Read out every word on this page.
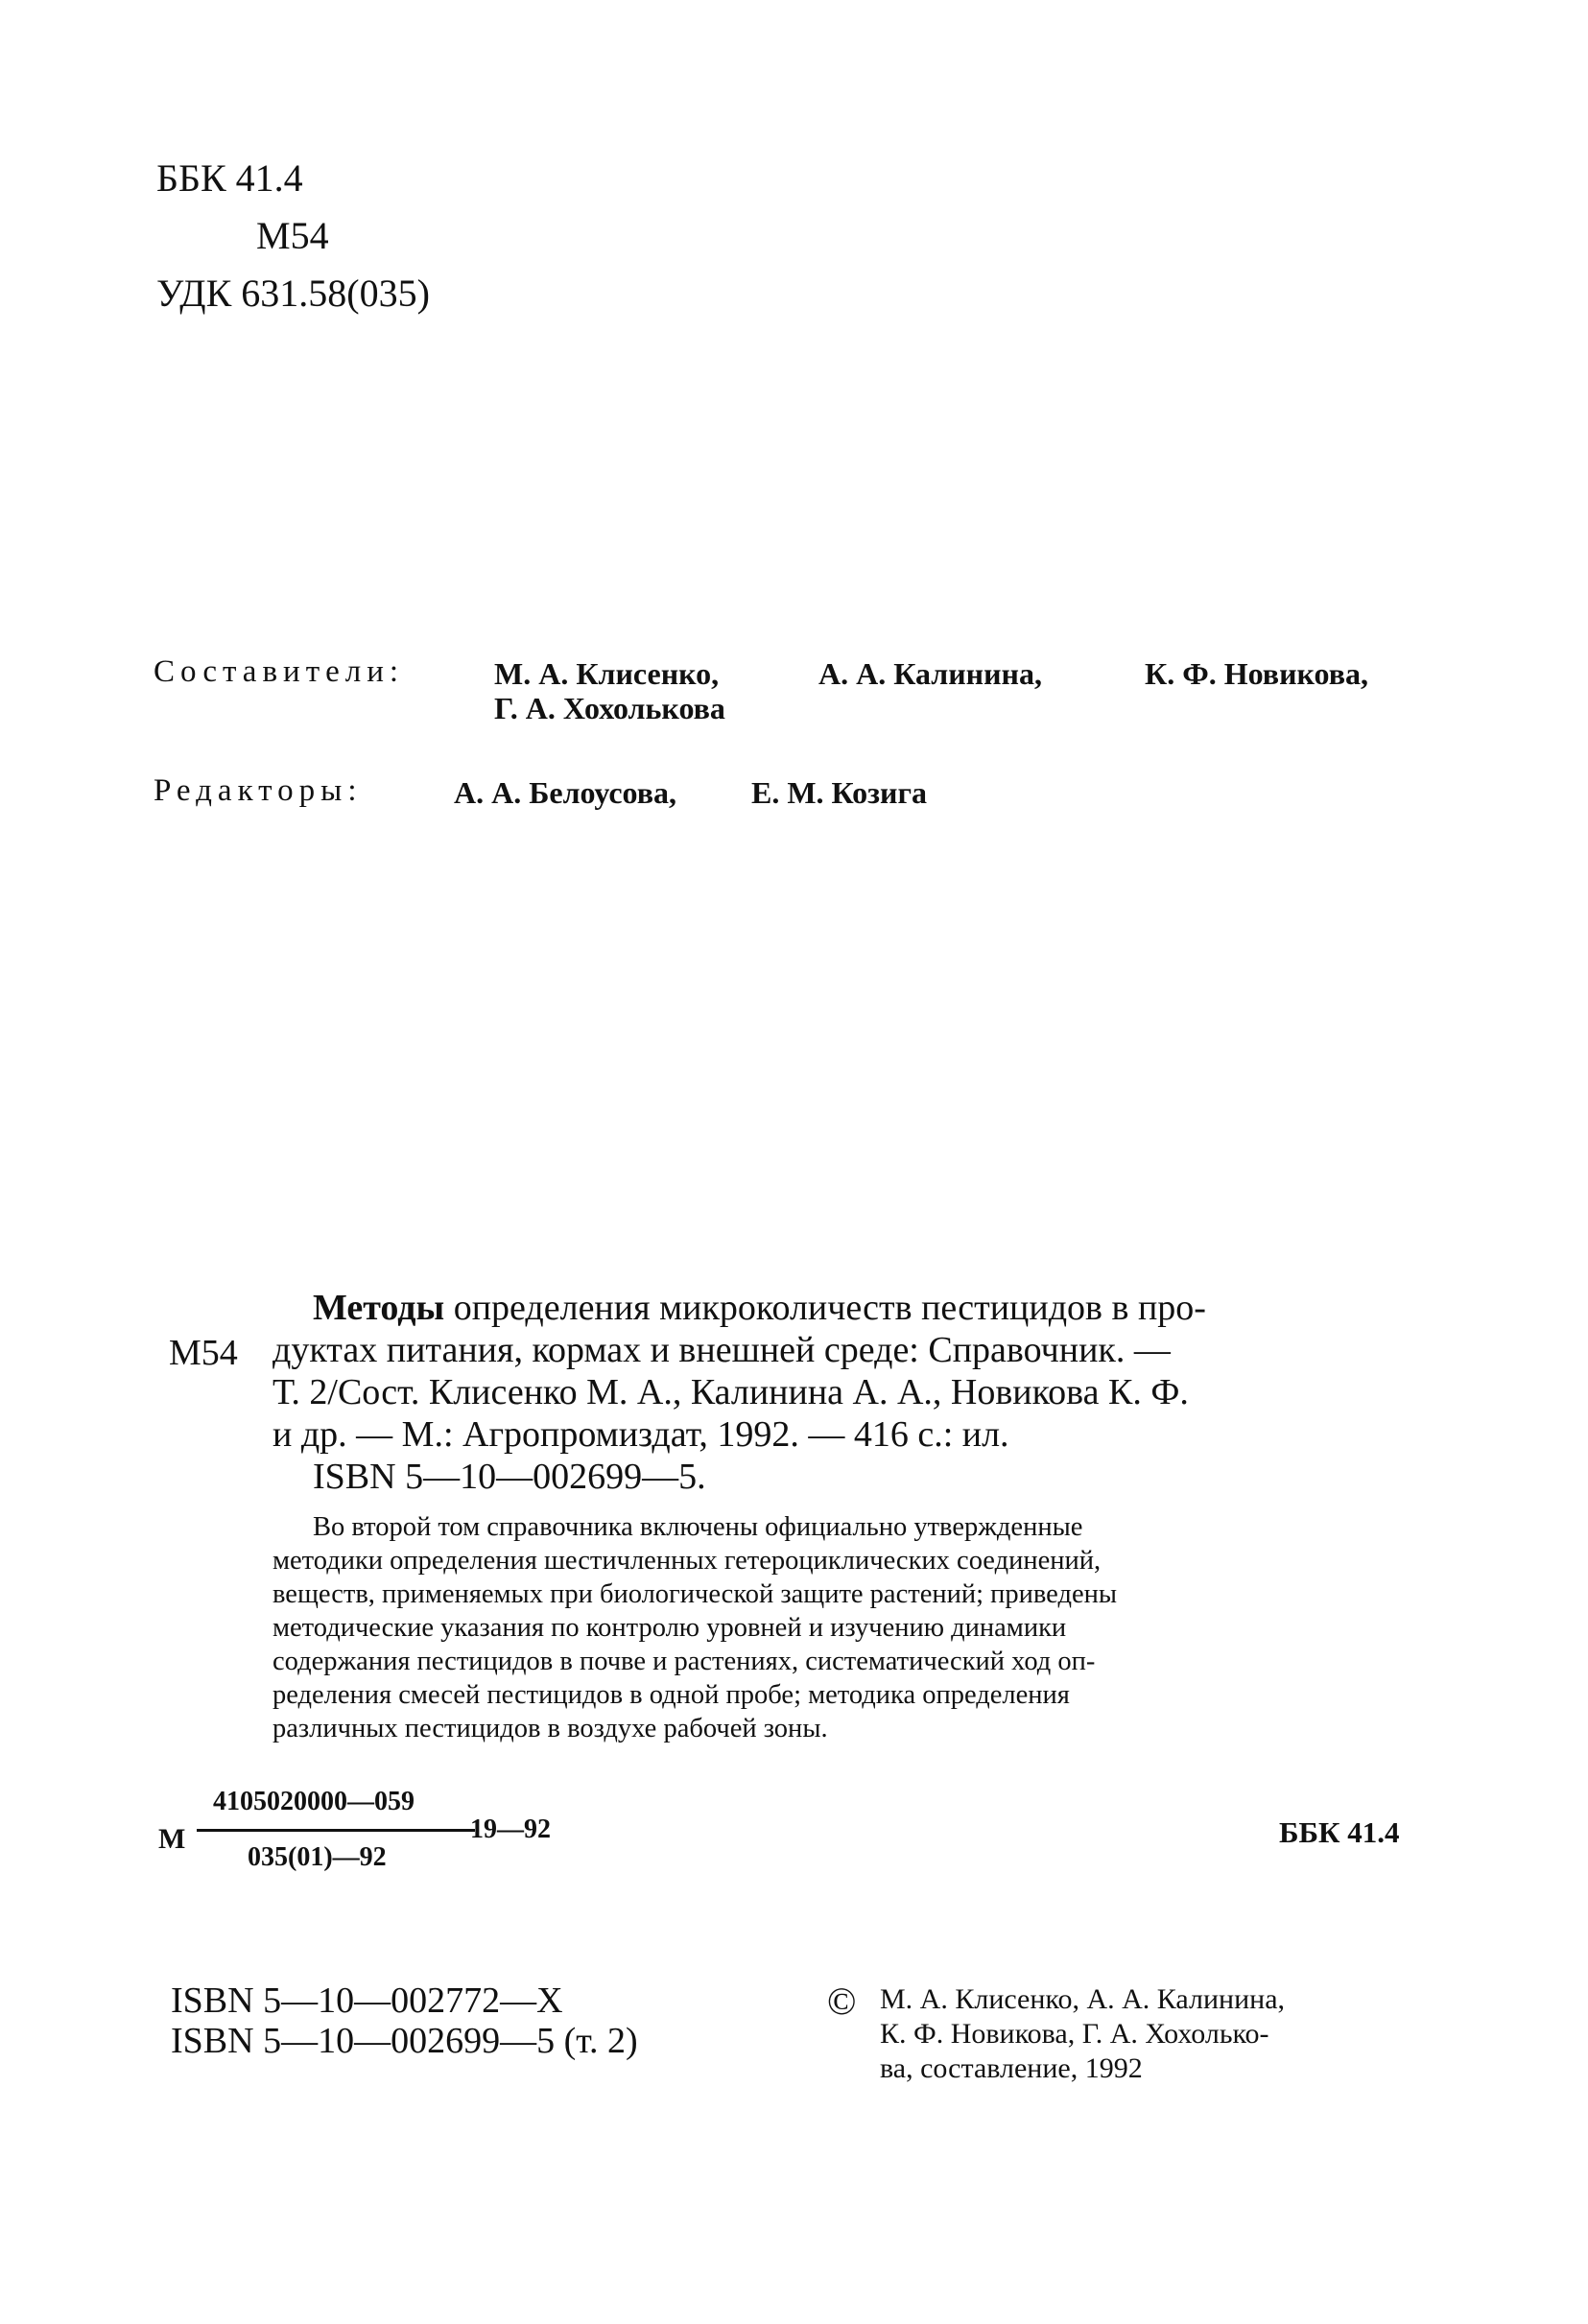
ББК 41.4
М54
УДК 631.58(035)
Составители:	М. А. Клисенко,	А. А. Калинина,	К. Ф. Новикова,
Г. А. Хохолькова
Редакторы:	А. А. Белоусова, Е. М. Козига
М54
Методы определения микроколичеств пестицидов в про-
дуктах питания, кормах и внешней среде: Справочник. —
Т. 2/Сост. Клисенко М. А., Калинина А. А., Новикова К. Ф.
и др. — М.: Агропромиздат, 1992. — 416 с.: ил.
ISBN 5—10—002699—5.
Во второй том справочника включены официально утвержденные
методики определения шестичленных гетероциклических соединений,
веществ, применяемых при биологической защите растений; приведены
методические указания по контролю уровней и изучению динамики
содержания пестицидов в почве и растениях, систематический ход оп-
ределения смесей пестицидов в одной пробе; методика определения
различных пестицидов в воздухе рабочей зоны.
М
4105020000—059
19—92
035(01)—92
ББК 41.4
ISBN 5—10—002772—X
ISBN 5—10—002699—5 (т. 2)
© М. А. Клисенко, А. А. Калинина,
К. Ф. Новикова, Г. А. Хохолько-
ва, составление, 1992
